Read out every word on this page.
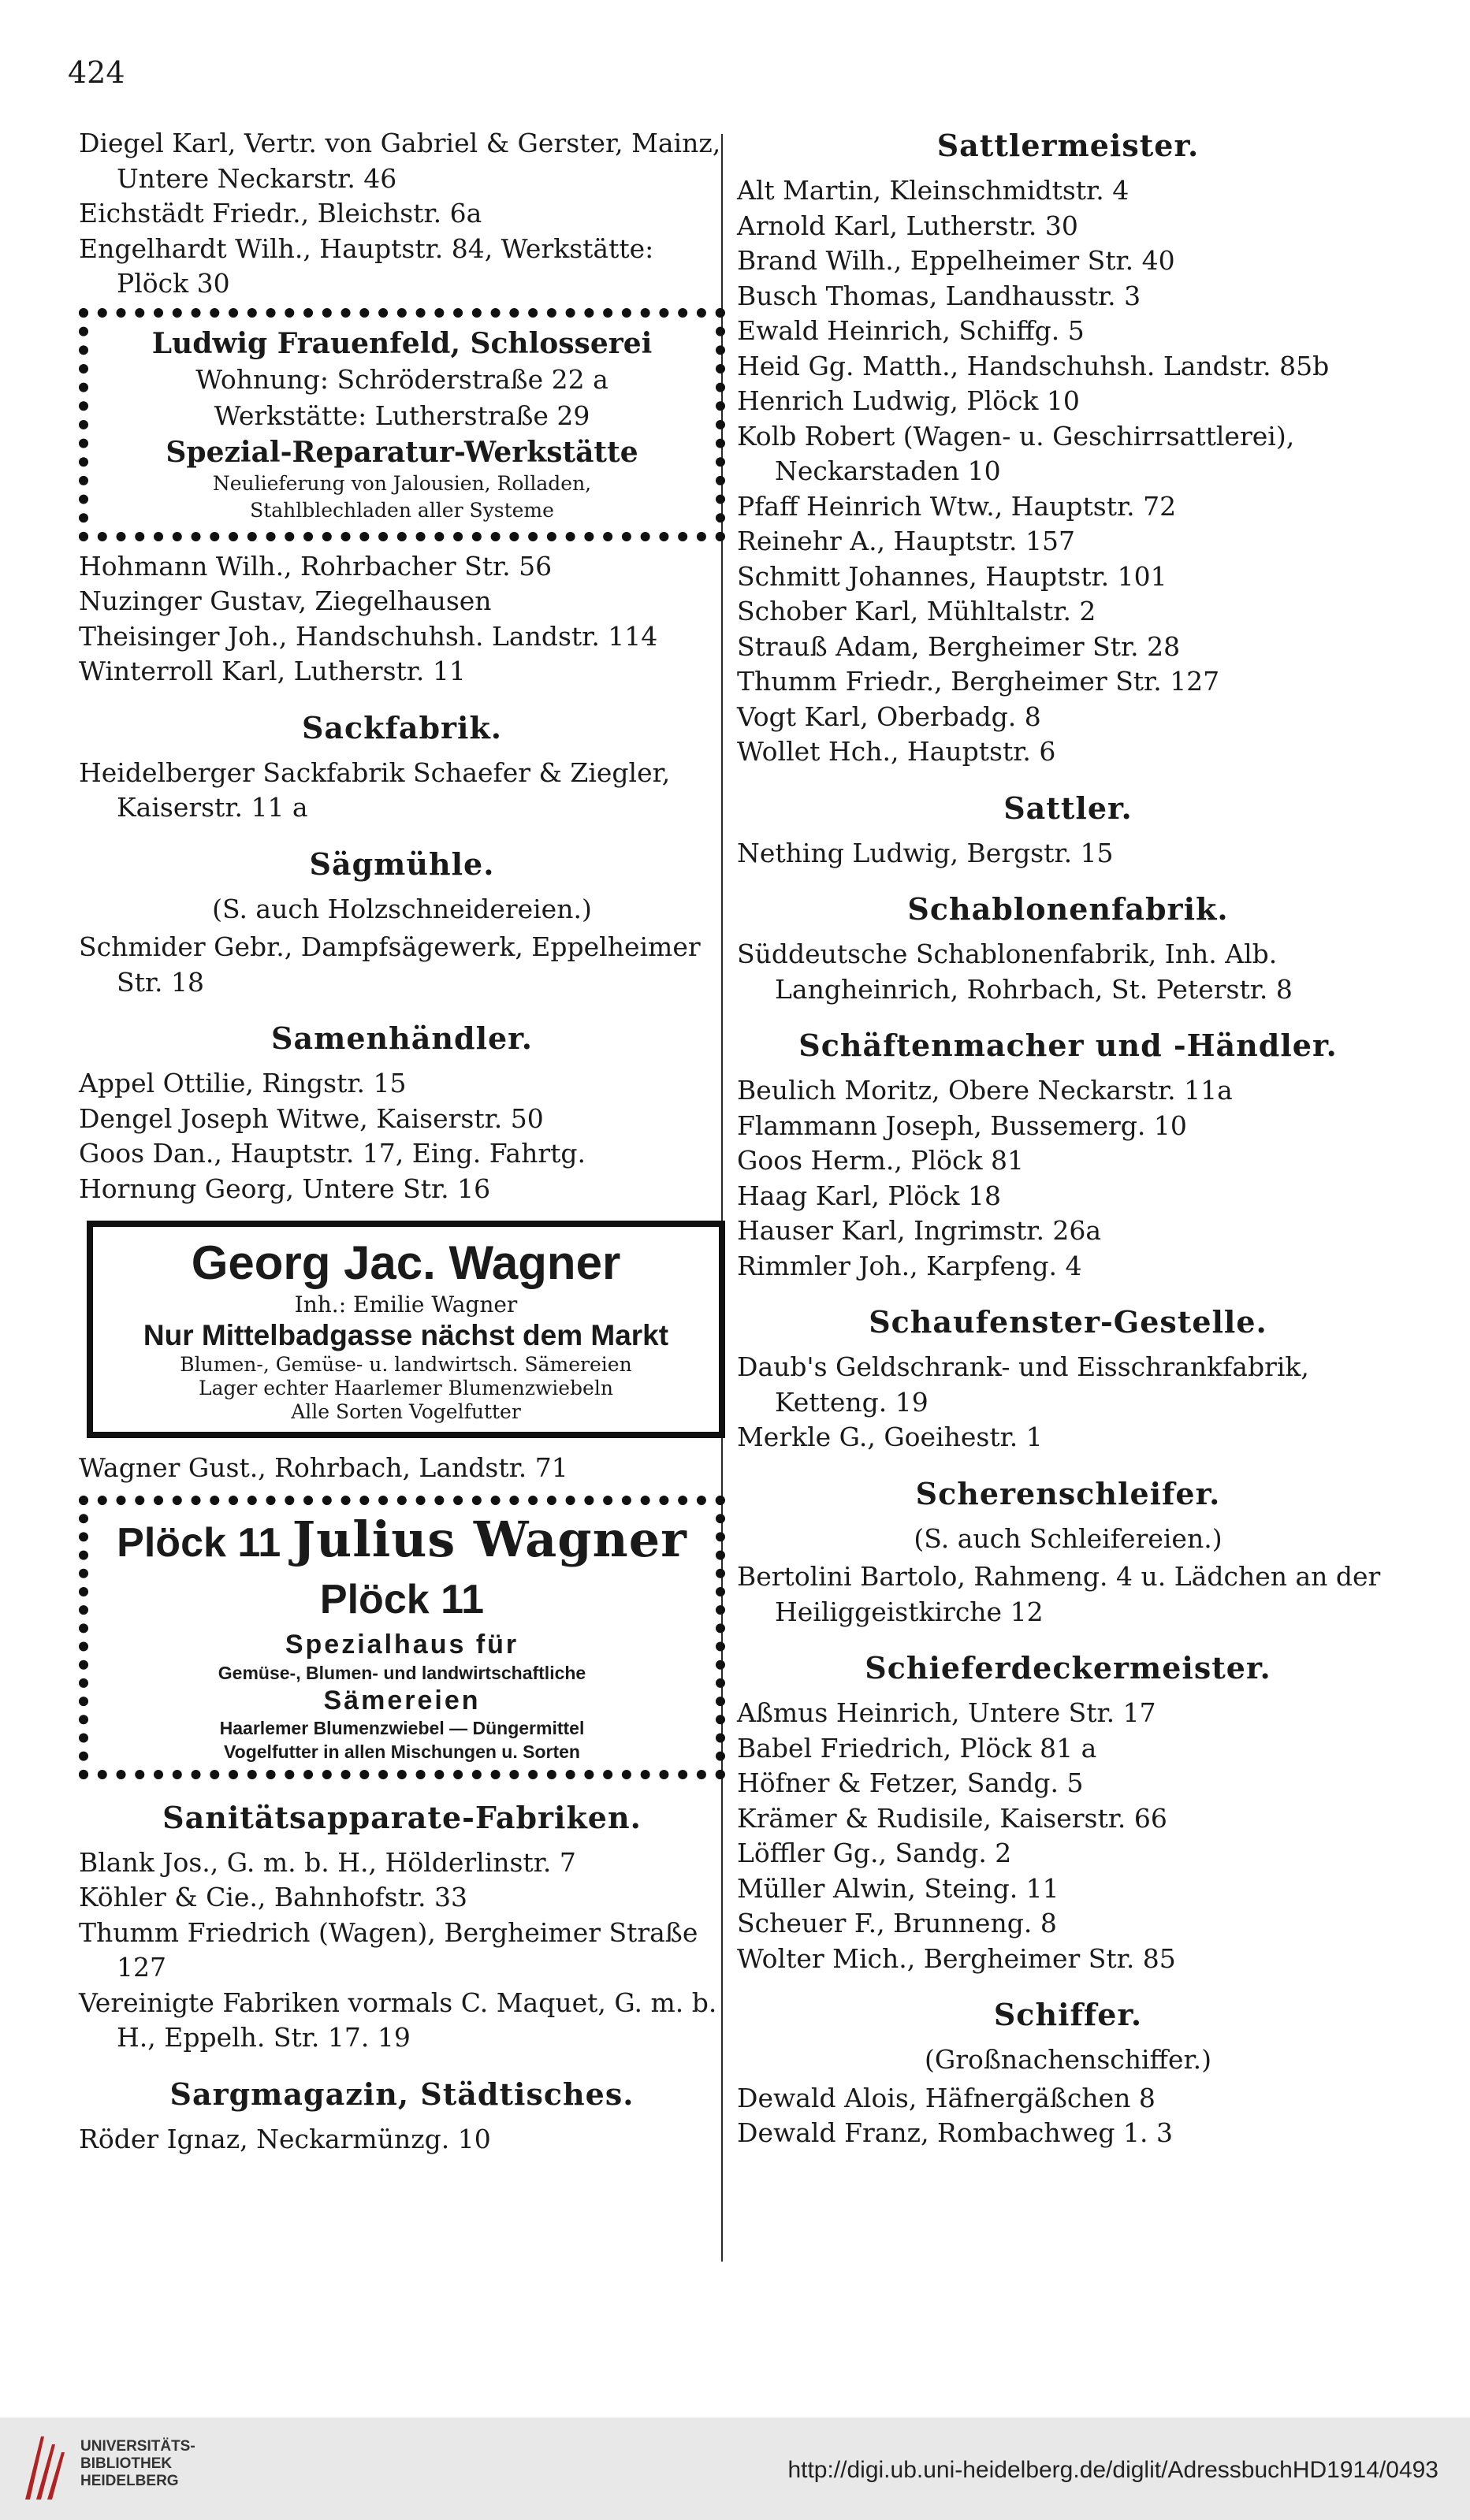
424

Diegel Karl, Vertr. von Gabriel & Gerster, Mainz, Untere Neckarstr. 46

Eichstädt Friedr., Bleichstr. 6a

Engelhardt Wilh., Hauptstr. 84, Werkstätte: Plöck 30

Ludwig Frauenfeld, Schlosserei
Wohnung: Schröderstraße 22 a
Werkstätte: Lutherstraße 29
Spezial-Reparatur-Werkstätte
Neulieferung von Jalousien, Rolladen,
Stahlblechladen aller Systeme

Hohmann Wilh., Rohrbacher Str. 56

Nuzinger Gustav, Ziegelhausen

Theisinger Joh., Handschuhsh. Landstr. 114

Winterroll Karl, Lutherstr. 11

Sackfabrik.

Heidelberger Sackfabrik Schaefer & Ziegler, Kaiserstr. 11 a

Sägmühle.

(S. auch Holzschneidereien.)

Schmider Gebr., Dampfsägewerk, Eppelheimer Str. 18

Samenhändler.

Appel Ottilie, Ringstr. 15

Dengel Joseph Witwe, Kaiserstr. 50

Goos Dan., Hauptstr. 17, Eing. Fahrtg.

Hornung Georg, Untere Str. 16

Georg Jac. Wagner
Inh.: Emilie Wagner
Nur Mittelbadgasse nächst dem Markt
Blumen-, Gemüse- u. landwirtsch. Sämereien
Lager echter Haarlemer Blumenzwiebeln
Alle Sorten Vogelfutter

Wagner Gust., Rohrbach, Landstr. 71

Plöck 11 Julius Wagner Plöck 11
Spezialhaus für
Gemüse-, Blumen- und landwirtschaftliche
Sämereien
Haarlemer Blumenzwiebel — Düngermittel
Vogelfutter in allen Mischungen u. Sorten
Sanitätsapparate-Fabriken.

Blank Jos., G. m. b. H., Hölderlinstr. 7

Köhler & Cie., Bahnhofstr. 33

Thumm Friedrich (Wagen), Bergheimer Straße 127

Vereinigte Fabriken vormals C. Maquet, G. m. b. H., Eppelh. Str. 17. 19

Sargmagazin, Städtisches.

Röder Ignaz, Neckarmünzg. 10

Sattlermeister.

Alt Martin, Kleinschmidtstr. 4

Arnold Karl, Lutherstr. 30

Brand Wilh., Eppelheimer Str. 40

Busch Thomas, Landhausstr. 3

Ewald Heinrich, Schiffg. 5

Heid Gg. Matth., Handschuhsh. Landstr. 85b

Henrich Ludwig, Plöck 10

Kolb Robert (Wagen- u. Geschirrsattlerei), Neckarstaden 10

Pfaff Heinrich Wtw., Hauptstr. 72

Reinehr A., Hauptstr. 157

Schmitt Johannes, Hauptstr. 101

Schober Karl, Mühltalstr. 2

Strauß Adam, Bergheimer Str. 28

Thumm Friedr., Bergheimer Str. 127

Vogt Karl, Oberbadg. 8

Wollet Hch., Hauptstr. 6

Sattler.

Nething Ludwig, Bergstr. 15

Schablonenfabrik.

Süddeutsche Schablonenfabrik, Inh. Alb. Langheinrich, Rohrbach, St. Peterstr. 8

Schäftenmacher und -Händler.

Beulich Moritz, Obere Neckarstr. 11a

Flammann Joseph, Bussemerg. 10

Goos Herm., Plöck 81

Haag Karl, Plöck 18

Hauser Karl, Ingrimstr. 26a

Rimmler Joh., Karpfeng. 4

Schaufenster-Gestelle.

Daub's Geldschrank- und Eisschrankfabrik, Ketteng. 19

Merkle G., Goeihestr. 1

Scherenschleifer.

(S. auch Schleifereien.)

Bertolini Bartolo, Rahmeng. 4 u. Lädchen an der Heiliggeistkirche 12

Schieferdeckermeister.

Aßmus Heinrich, Untere Str. 17

Babel Friedrich, Plöck 81 a

Höfner & Fetzer, Sandg. 5

Krämer & Rudisile, Kaiserstr. 66

Löffler Gg., Sandg. 2

Müller Alwin, Steing. 11

Scheuer F., Brunneng. 8

Wolter Mich., Bergheimer Str. 85

Schiffer.

(Großnachenschiffer.)

Dewald Alois, Häfnergäßchen 8

Dewald Franz, Rombachweg 1. 3

UNIVERSITÄTS-
BIBLIOTHEK
HEIDELBERG	http://digi.ub.uni-heidelberg.de/diglit/AdressbuchHD1914/0493
